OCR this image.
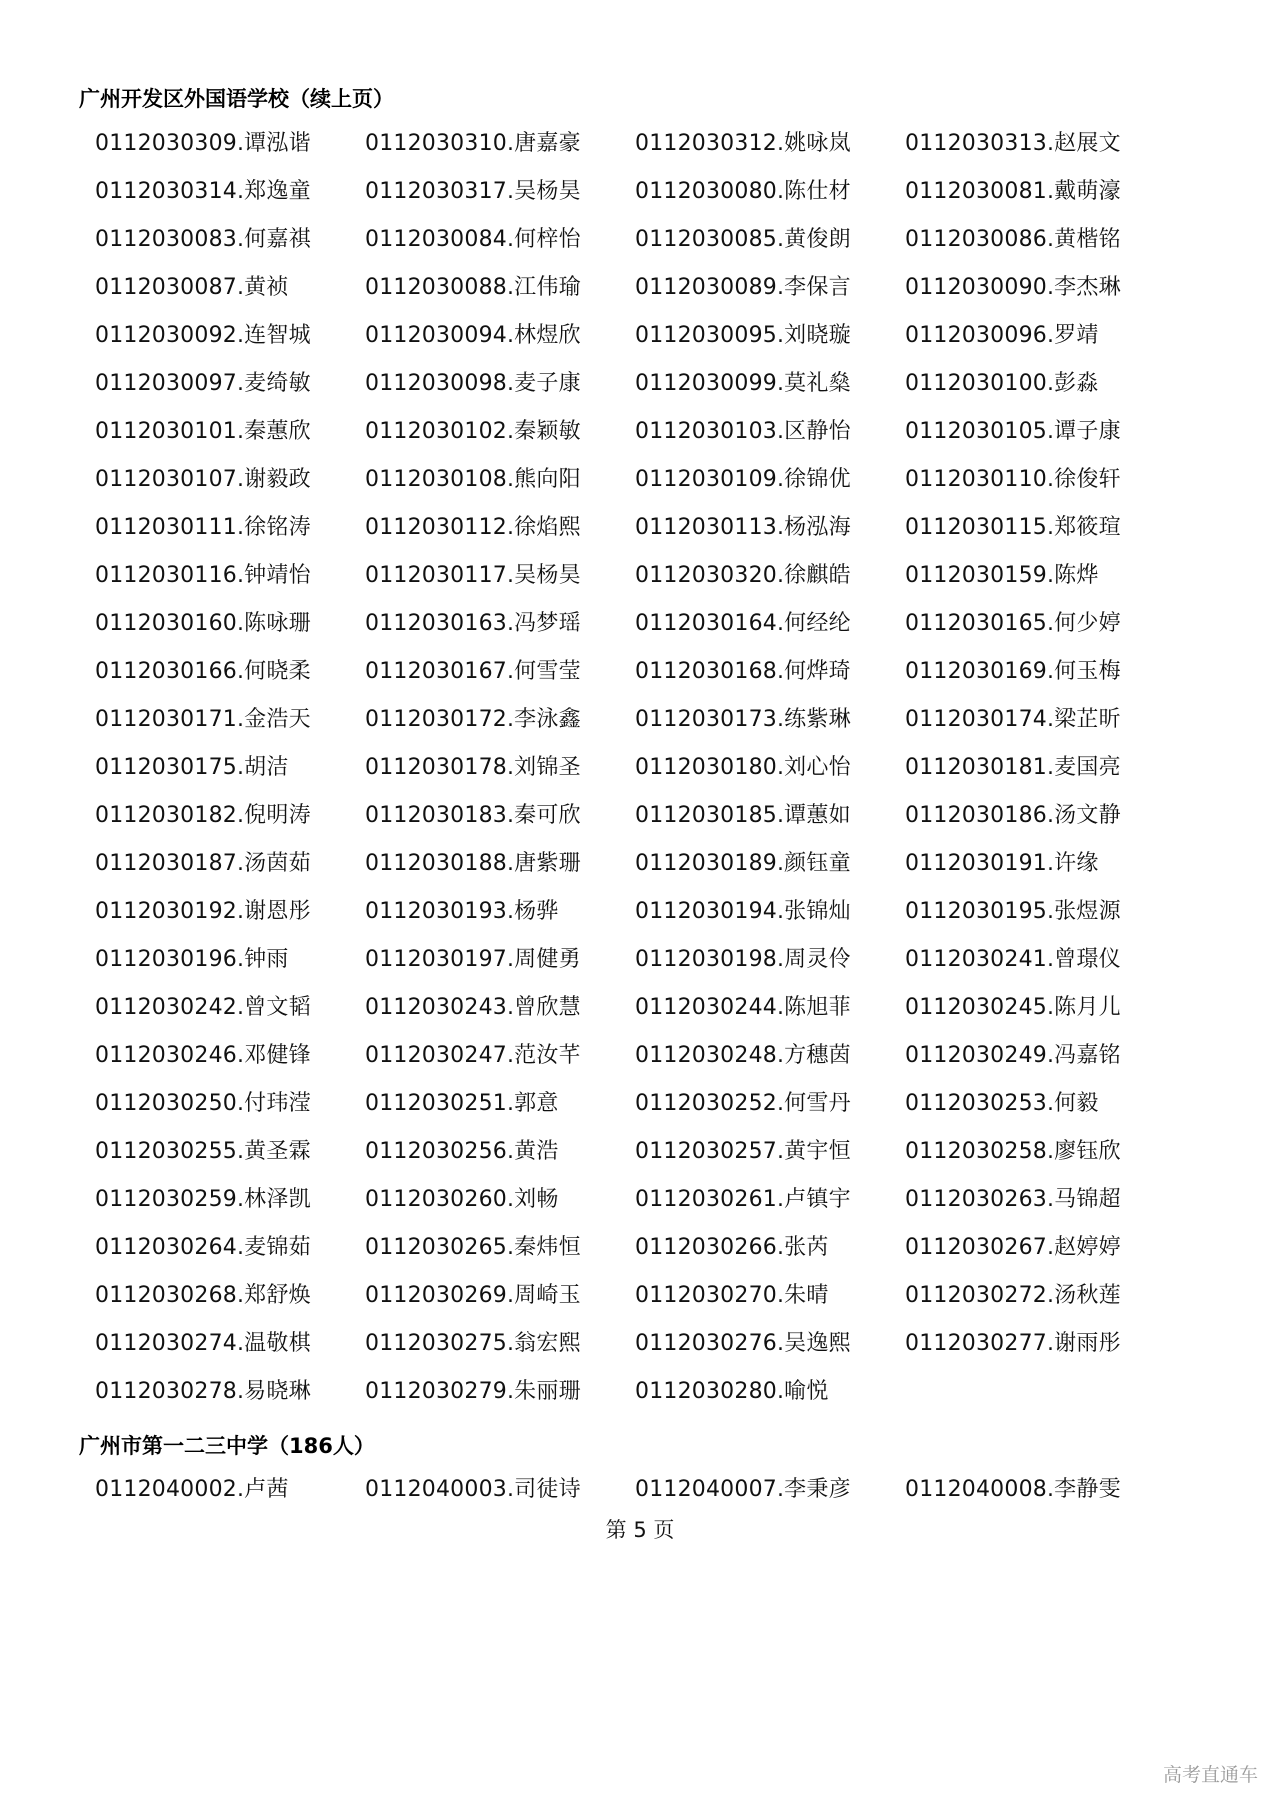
广州开发区外国语学校（续上页）
0112030309.谭泓谐	0112030310.唐嘉豪	0112030312.姚咏岚	0112030313.赵展文
0112030314.郑逸童	0112030317.吴杨昊	0112030080.陈仕材	0112030081.戴萌濠
0112030083.何嘉祺	0112030084.何梓怡	0112030085.黄俊朗	0112030086.黄楷铭
0112030087.黄祯	0112030088.江伟瑜	0112030089.李保言	0112030090.李杰琳
0112030092.连智城	0112030094.林煜欣	0112030095.刘晓璇	0112030096.罗靖
0112030097.麦绮敏	0112030098.麦子康	0112030099.莫礼燊	0112030100.彭淼
0112030101.秦蕙欣	0112030102.秦颖敏	0112030103.区静怡	0112030105.谭子康
0112030107.谢毅政	0112030108.熊向阳	0112030109.徐锦优	0112030110.徐俊轩
0112030111.徐铭涛	0112030112.徐焰熙	0112030113.杨泓海	0112030115.郑筱瑄
0112030116.钟靖怡	0112030117.吴杨昊	0112030320.徐麒皓	0112030159.陈烨
0112030160.陈咏珊	0112030163.冯梦瑶	0112030164.何经纶	0112030165.何少婷
0112030166.何晓柔	0112030167.何雪莹	0112030168.何烨琦	0112030169.何玉梅
0112030171.金浩天	0112030172.李泳鑫	0112030173.练紫琳	0112030174.梁芷昕
0112030175.胡洁	0112030178.刘锦圣	0112030180.刘心怡	0112030181.麦国亮
0112030182.倪明涛	0112030183.秦可欣	0112030185.谭蕙如	0112030186.汤文静
0112030187.汤茵茹	0112030188.唐紫珊	0112030189.颜钰童	0112030191.许缘
0112030192.谢恩彤	0112030193.杨骅	0112030194.张锦灿	0112030195.张煜源
0112030196.钟雨	0112030197.周健勇	0112030198.周灵伶	0112030241.曾璟仪
0112030242.曾文韬	0112030243.曾欣慧	0112030244.陈旭菲	0112030245.陈月儿
0112030246.邓健锋	0112030247.范汝芊	0112030248.方穗茵	0112030249.冯嘉铭
0112030250.付玮滢	0112030251.郭意	0112030252.何雪丹	0112030253.何毅
0112030255.黄圣霖	0112030256.黄浩	0112030257.黄宇恒	0112030258.廖钰欣
0112030259.林泽凯	0112030260.刘畅	0112030261.卢镇宇	0112030263.马锦超
0112030264.麦锦茹	0112030265.秦炜恒	0112030266.张芮	0112030267.赵婷婷
0112030268.郑舒焕	0112030269.周崎玉	0112030270.朱晴	0112030272.汤秋莲
0112030274.温敬棋	0112030275.翁宏熙	0112030276.吴逸熙	0112030277.谢雨彤
0112030278.易晓琳	0112030279.朱丽珊	0112030280.喻悦
广州市第一二三中学（186人）
0112040002.卢茜	0112040003.司徒诗	0112040007.李秉彦	0112040008.李静雯
第 5 页
高考直通车
